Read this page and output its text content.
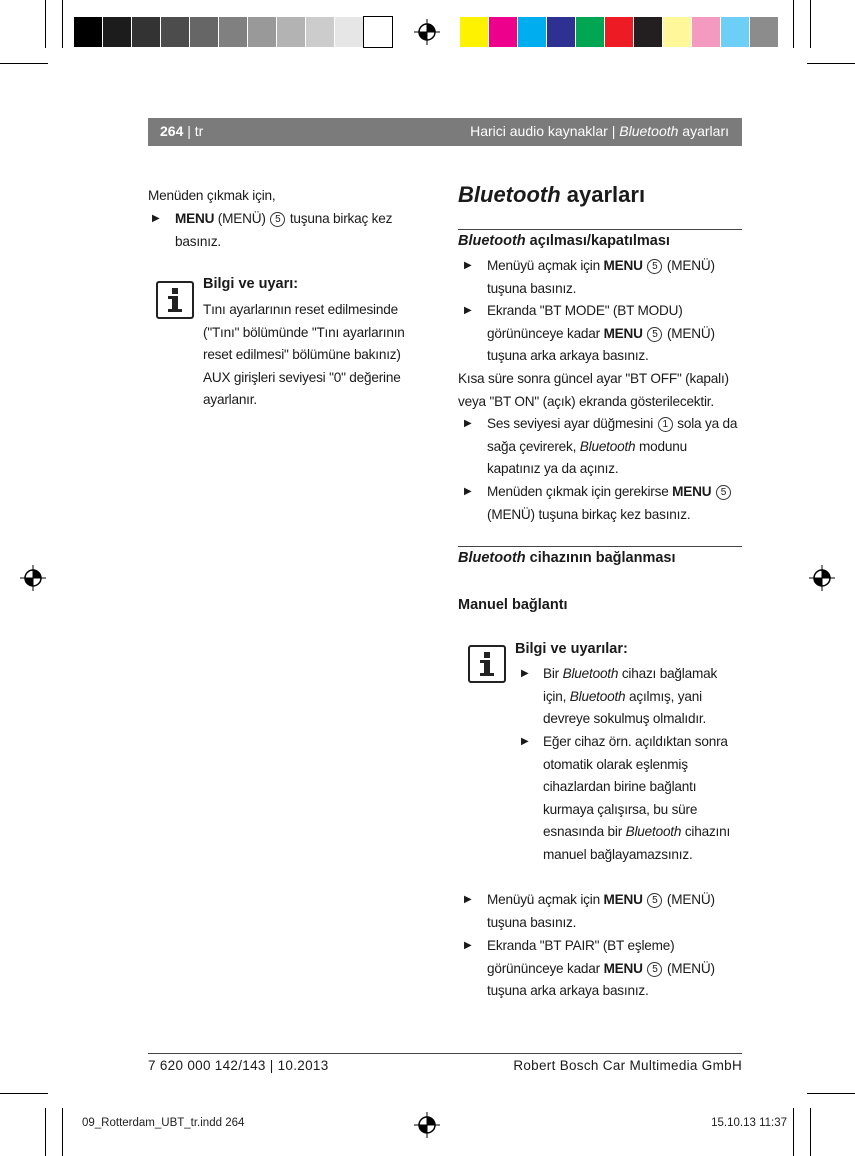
264 | tr	Harici audio kaynaklar | Bluetooth ayarları
Menüden çıkmak için,
▶ MENU (MENÜ) 5 tuşuna birkaç kez
basınız.
Bilgi ve uyarı:
Tını ayarlarının reset edilmesinde
("Tını" bölümünde "Tını ayarlarının
reset edilmesi" bölümüne bakınız)
AUX girişleri seviyesi "0" değerine
ayarlanır.
Bluetooth ayarları
Bluetooth açılması/kapatılması
▶ Menüyü açmak için MENU 5 (MENÜ)
tuşuna basınız.
▶ Ekranda "BT MODE" (BT MODU)
görününceye kadar MENU 5 (MENÜ)
tuşuna arka arkaya basınız.
Kısa süre sonra güncel ayar "BT OFF" (kapalı)
veya "BT ON" (açık) ekranda gösterilecektir.
▶ Ses seviyesi ayar düğmesini 1 sola ya da
sağa çevirerek, Bluetooth modunu
kapatınız ya da açınız.
▶ Menüden çıkmak için gerekirse MENU 5
(MENÜ) tuşuna birkaç kez basınız.
Bluetooth cihazının bağlanması
Manuel bağlantı
Bilgi ve uyarılar:
▶ Bir Bluetooth cihazı bağlamak
için, Bluetooth açılmış, yani
devreye sokulmuş olmalıdır.
▶ Eğer cihaz örn. açıldıktan sonra
otomatik olarak eşlenmiş
cihazlardan birine bağlantı
kurmaya çalışırsa, bu süre
esnasında bir Bluetooth cihazını
manuel bağlayamazsınız.
▶ Menüyü açmak için MENU 5 (MENÜ)
tuşuna basınız.
▶ Ekranda "BT PAIR" (BT eşleme)
görününceye kadar MENU 5 (MENÜ)
tuşuna arka arkaya basınız.
7 620 000 142/143 | 10.2013	Robert Bosch Car Multimedia GmbH
09_Rotterdam_UBT_tr.indd 264	15.10.13 11:37
